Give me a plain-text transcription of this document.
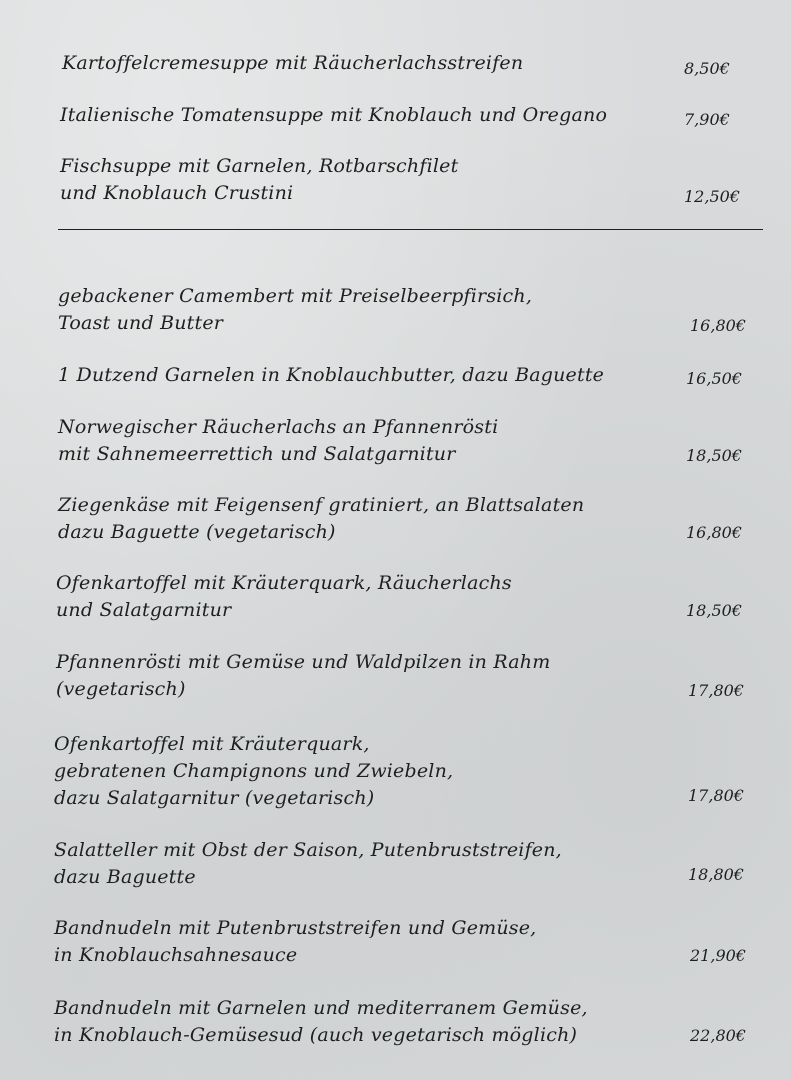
Kartoffelcremesuppe mit Räucherlachsstreifen	8,50€
Italienische Tomatensuppe mit Knoblauch und Oregano	7,90€
Fischsuppe mit Garnelen, Rotbarschfilet
und Knoblauch Crustini	12,50€
gebackener Camembert mit Preiselbeerpfirsich,
Toast und Butter	16,80€
1 Dutzend Garnelen in Knoblauchbutter, dazu Baguette	16,50€
Norwegischer Räucherlachs an Pfannenrösti
mit Sahnemeerrettich und Salatgarnitur	18,50€
Ziegenkäse mit Feigensenf gratiniert, an Blattsalaten
dazu Baguette (vegetarisch)	16,80€
Ofenkartoffel mit Kräuterquark, Räucherlachs
und Salatgarnitur	18,50€
Pfannenrösti mit Gemüse und Waldpilzen in Rahm
(vegetarisch)	17,80€
Ofenkartoffel mit Kräuterquark,
gebratenen Champignons und Zwiebeln,
dazu Salatgarnitur (vegetarisch)	17,80€
Salatteller mit Obst der Saison, Putenbruststreifen,
dazu Baguette	18,80€
Bandnudeln mit Putenbruststreifen und Gemüse,
in Knoblauchsahnesauce	21,90€
Bandnudeln mit Garnelen und mediterranem Gemüse,
in Knoblauch-Gemüsesud (auch vegetarisch möglich)	22,80€
